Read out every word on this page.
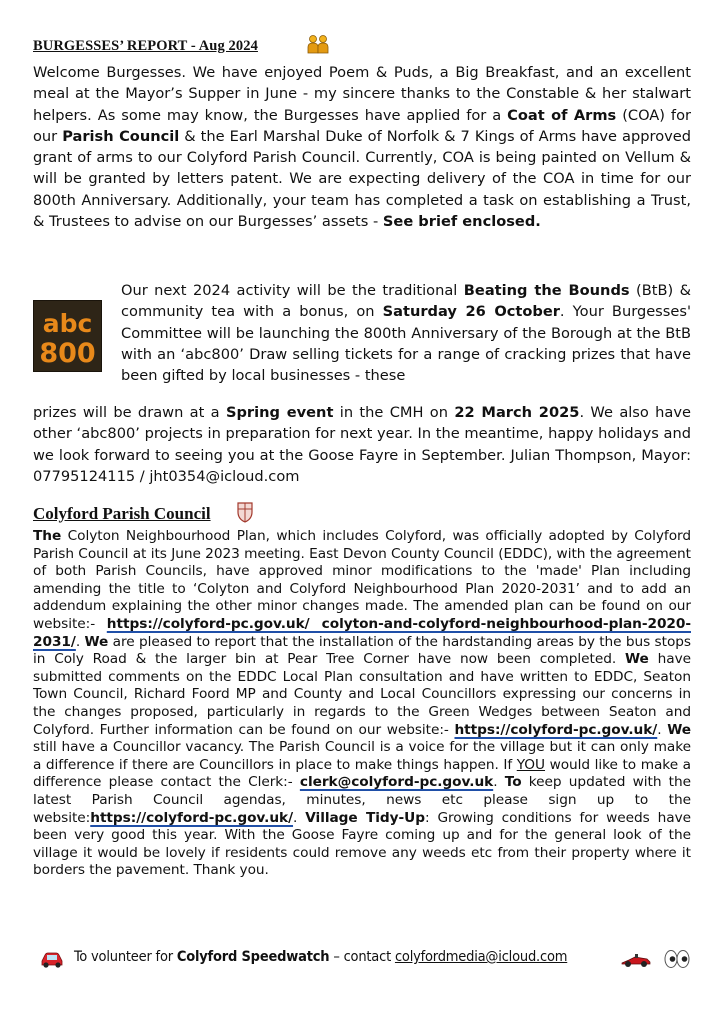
BURGESSES’ REPORT - Aug 2024
Welcome Burgesses. We have enjoyed Poem & Puds, a Big Breakfast, and an excellent meal at the Mayor’s Supper in June - my sincere thanks to the Constable & her stalwart helpers. As some may know, the Burgesses have applied for a Coat of Arms (COA) for our Parish Council & the Earl Marshal Duke of Norfolk & 7 Kings of Arms have approved grant of arms to our Colyford Parish Council. Currently, COA is being painted on Vellum & will be granted by letters patent. We are expecting delivery of the COA in time for our 800th Anniversary. Additionally, your team has completed a task on establishing a Trust, & Trustees to advise on our Burgesses’ assets - See brief enclosed.
abc
800
Our next 2024 activity will be the traditional Beating the Bounds (BtB) & community tea with a bonus, on Saturday 26 October. Your Burgesses' Committee will be launching the 800th Anniversary of the Borough at the BtB with an ‘abc800’ Draw selling tickets for a range of cracking prizes that have been gifted by local businesses - these
prizes will be drawn at a Spring event in the CMH on 22 March 2025. We also have other ‘abc800’ projects in preparation for next year. In the meantime, happy holidays and we look forward to seeing you at the Goose Fayre in September. Julian Thompson, Mayor: 07795124115 / jht0354@icloud.com
Colyford Parish Council
The Colyton Neighbourhood Plan, which includes Colyford, was officially adopted by Colyford Parish Council at its June 2023 meeting. East Devon County Council (EDDC), with the agreement of both Parish Councils, have approved minor modifications to the 'made' Plan including amending the title to ‘Colyton and Colyford Neighbourhood Plan 2020-2031’ and to add an addendum explaining the other minor changes made. The amended plan can be found on our website:- https://colyford-pc.gov.uk/ colyton-and-colyford-neighbourhood-plan-2020-2031/. We are pleased to report that the installation of the hardstanding areas by the bus stops in Coly Road & the larger bin at Pear Tree Corner have now been completed. We have submitted comments on the EDDC Local Plan consultation and have written to EDDC, Seaton Town Council, Richard Foord MP and County and Local Councillors expressing our concerns in the changes proposed, particularly in regards to the Green Wedges between Seaton and Colyford. Further information can be found on our website:- https://colyford-pc.gov.uk/. We still have a Councillor vacancy. The Parish Council is a voice for the village but it can only make a difference if there are Councillors in place to make things happen. If YOU would like to make a difference please contact the Clerk:- clerk@colyford-pc.gov.uk. To keep updated with the latest Parish Council agendas, minutes, news etc please sign up to the website:https://colyford-pc.gov.uk/. Village Tidy-Up: Growing conditions for weeds have been very good this year. With the Goose Fayre coming up and for the general look of the village it would be lovely if residents could remove any weeds etc from their property where it borders the pavement. Thank you.
To volunteer for Colyford Speedwatch – contact colyfordmedia@icloud.com
